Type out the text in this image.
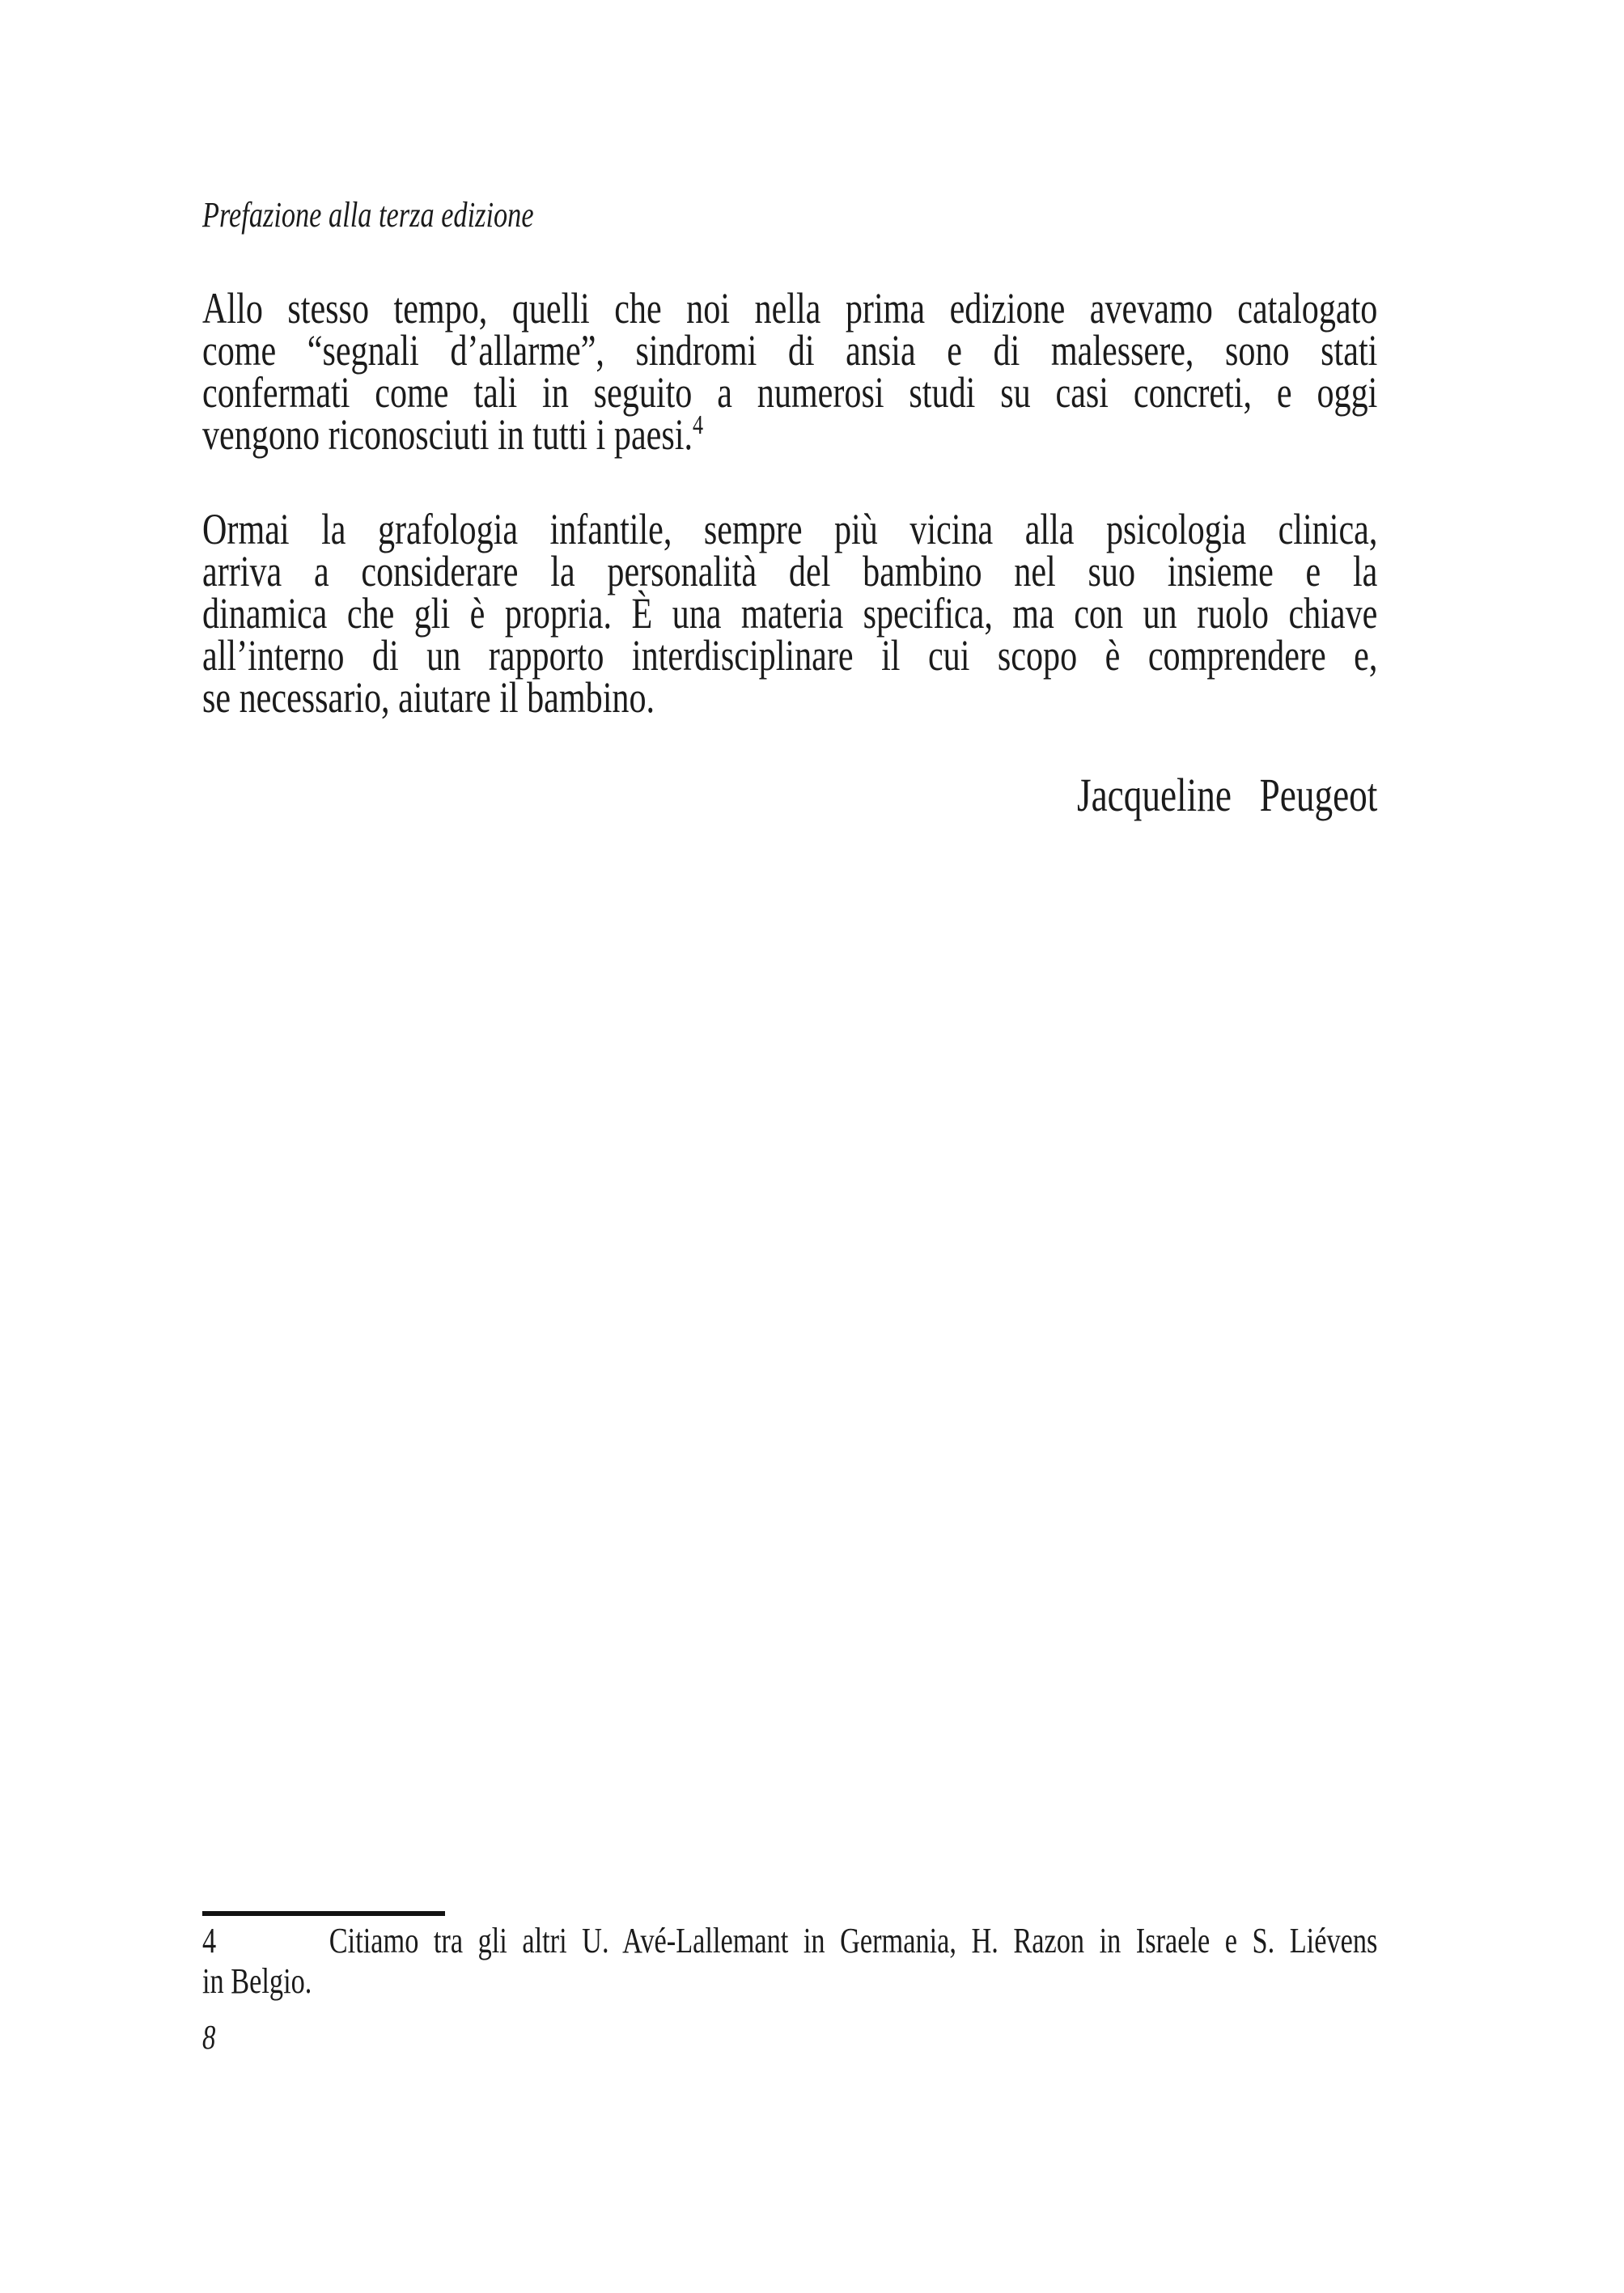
Prefazione alla terza edizione
Allo stesso tempo, quelli che noi nella prima edizione avevamo catalogato
come “segnali d’allarme”, sindromi di ansia e di malessere, sono stati
confermati come tali in seguito a numerosi studi su casi concreti, e oggi
vengono riconosciuti in tutti i paesi.$^4$
Ormai la grafologia infantile, sempre più vicina alla psicologia clinica,
arriva a considerare la personalità del bambino nel suo insieme e la
dinamica che gli è propria. È una materia specifica, ma con un ruolo chiave
all’interno di un rapporto interdisciplinare il cui scopo è comprendere e,
se necessario, aiutare il bambino.
Jacqueline Peugeot
4	Citiamo tra gli altri U. Avé-Lallemant in Germania, H. Razon in Israele e S. Liévens
in Belgio.
8
